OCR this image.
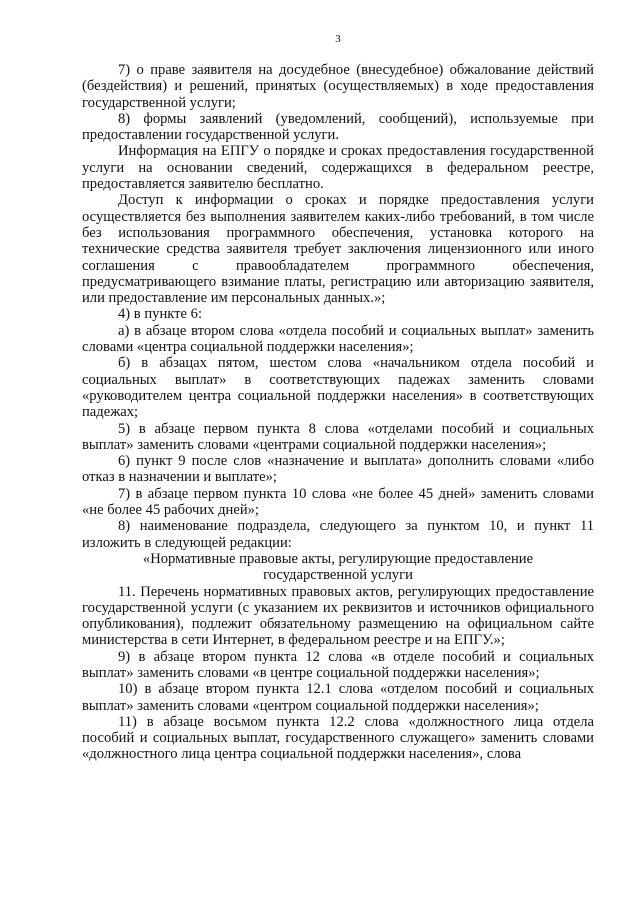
3

7) о праве заявителя на досудебное (внесудебное) обжалование действий (бездействия) и решений, принятых (осуществляемых) в ходе предоставления государственной услуги;

8) формы заявлений (уведомлений, сообщений), используемые при предоставлении государственной услуги.

Информация на ЕПГУ о порядке и сроках предоставления государственной услуги на основании сведений, содержащихся в федеральном реестре, предоставляется заявителю бесплатно.

Доступ к информации о сроках и порядке предоставления услуги осуществляется без выполнения заявителем каких-либо требований, в том числе без использования программного обеспечения, установка которого на технические средства заявителя требует заключения лицензионного или иного соглашения с правообладателем программного обеспечения, предусматривающего взимание платы, регистрацию или авторизацию заявителя, или предоставление им персональных данных.»;

4) в пункте 6:

а) в абзаце втором слова «отдела пособий и социальных выплат» заменить словами «центра социальной поддержки населения»;

б) в абзацах пятом, шестом слова «начальником отдела пособий и социальных выплат» в соответствующих падежах заменить словами «руководителем центра социальной поддержки населения» в соответствующих падежах;

5) в абзаце первом пункта 8 слова «отделами пособий и социальных выплат» заменить словами «центрами социальной поддержки населения»;

6) пункт 9 после слов «назначение и выплата» дополнить словами «либо отказ в назначении и выплате»;

7) в абзаце первом пункта 10 слова «не более 45 дней» заменить словами «не более 45 рабочих дней»;

8) наименование подраздела, следующего за пунктом 10, и пункт 11 изложить в следующей редакции:

«Нормативные правовые акты, регулирующие предоставление государственной услуги

11. Перечень нормативных правовых актов, регулирующих предоставление государственной услуги (с указанием их реквизитов и источников официального опубликования), подлежит обязательному размещению на официальном сайте министерства в сети Интернет, в федеральном реестре и на ЕПГУ.»;

9) в абзаце втором пункта 12 слова «в отделе пособий и социальных выплат» заменить словами «в центре социальной поддержки населения»;

10) в абзаце втором пункта 12.1 слова «отделом пособий и социальных выплат» заменить словами «центром социальной поддержки населения»;

11) в абзаце восьмом пункта 12.2 слова «должностного лица отдела пособий и социальных выплат, государственного служащего» заменить словами «должностного лица центра социальной поддержки населения», слова
